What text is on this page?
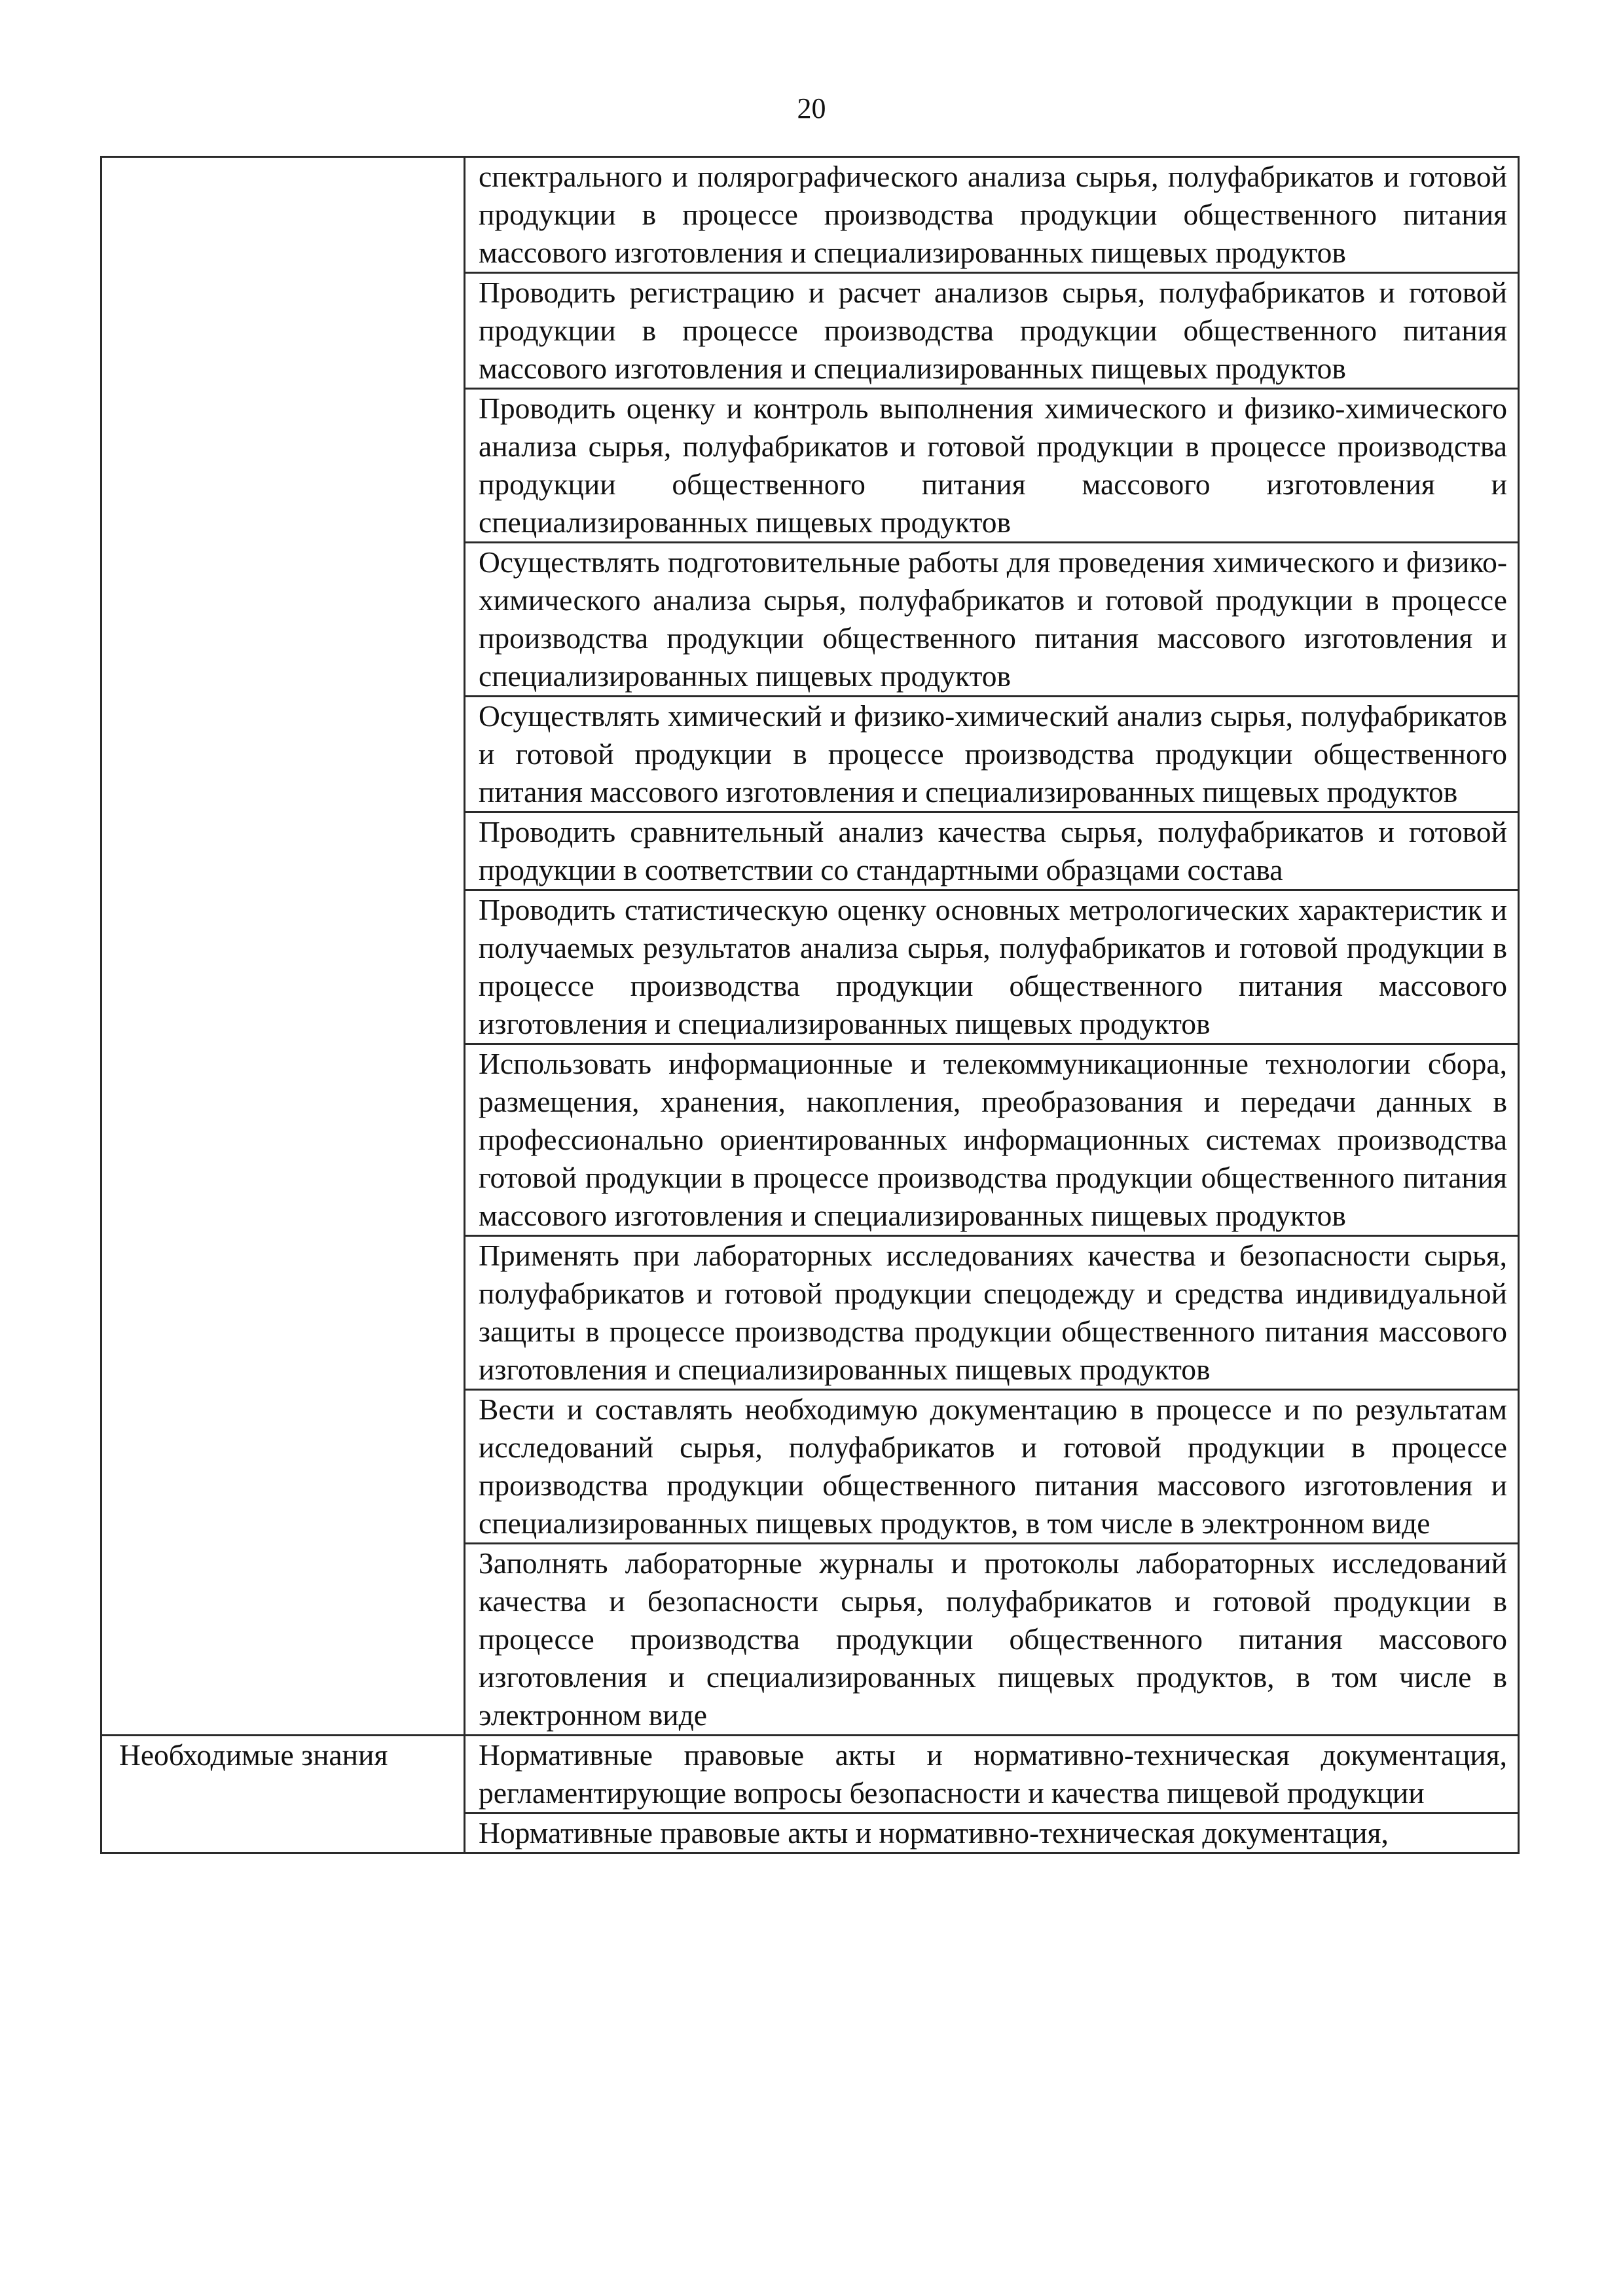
20
	спектрального и полярографического анализа сырья, полуфабрикатов и готовой продукции в процессе производства продукции общественного питания массового изготовления и специализированных пищевых продуктов
	Проводить регистрацию и расчет анализов сырья, полуфабрикатов и готовой продукции в процессе производства продукции общественного питания массового изготовления и специализированных пищевых продуктов
	Проводить оценку и контроль выполнения химического и физико-химического анализа сырья, полуфабрикатов и готовой продукции в процессе производства продукции общественного питания массового изготовления и специализированных пищевых продуктов
	Осуществлять подготовительные работы для проведения химического и физико-химического анализа сырья, полуфабрикатов и готовой продукции в процессе производства продукции общественного питания массового изготовления и специализированных пищевых продуктов
	Осуществлять химический и физико-химический анализ сырья, полуфабрикатов и готовой продукции в процессе производства продукции общественного питания массового изготовления и специализированных пищевых продуктов
	Проводить сравнительный анализ качества сырья, полуфабрикатов и готовой продукции в соответствии со стандартными образцами состава
	Проводить статистическую оценку основных метрологических характеристик и получаемых результатов анализа сырья, полуфабрикатов и готовой продукции в процессе производства продукции общественного питания массового изготовления и специализированных пищевых продуктов
	Использовать информационные и телекоммуникационные технологии сбора, размещения, хранения, накопления, преобразования и передачи данных в профессионально ориентированных информационных системах производства готовой продукции в процессе производства продукции общественного питания массового изготовления и специализированных пищевых продуктов
	Применять при лабораторных исследованиях качества и безопасности сырья, полуфабрикатов и готовой продукции спецодежду и средства индивидуальной защиты в процессе производства продукции общественного питания массового изготовления и специализированных пищевых продуктов
	Вести и составлять необходимую документацию в процессе и по результатам исследований сырья, полуфабрикатов и готовой продукции в процессе производства продукции общественного питания массового изготовления и специализированных пищевых продуктов, в том числе в электронном виде
	Заполнять лабораторные журналы и протоколы лабораторных исследований качества и безопасности сырья, полуфабрикатов и готовой продукции в процессе производства продукции общественного питания массового изготовления и специализированных пищевых продуктов, в том числе в электронном виде

Необходимые знания	Нормативные правовые акты и нормативно-техническая документация, регламентирующие вопросы безопасности и качества пищевой продукции
	Нормативные правовые акты и нормативно-техническая документация,
